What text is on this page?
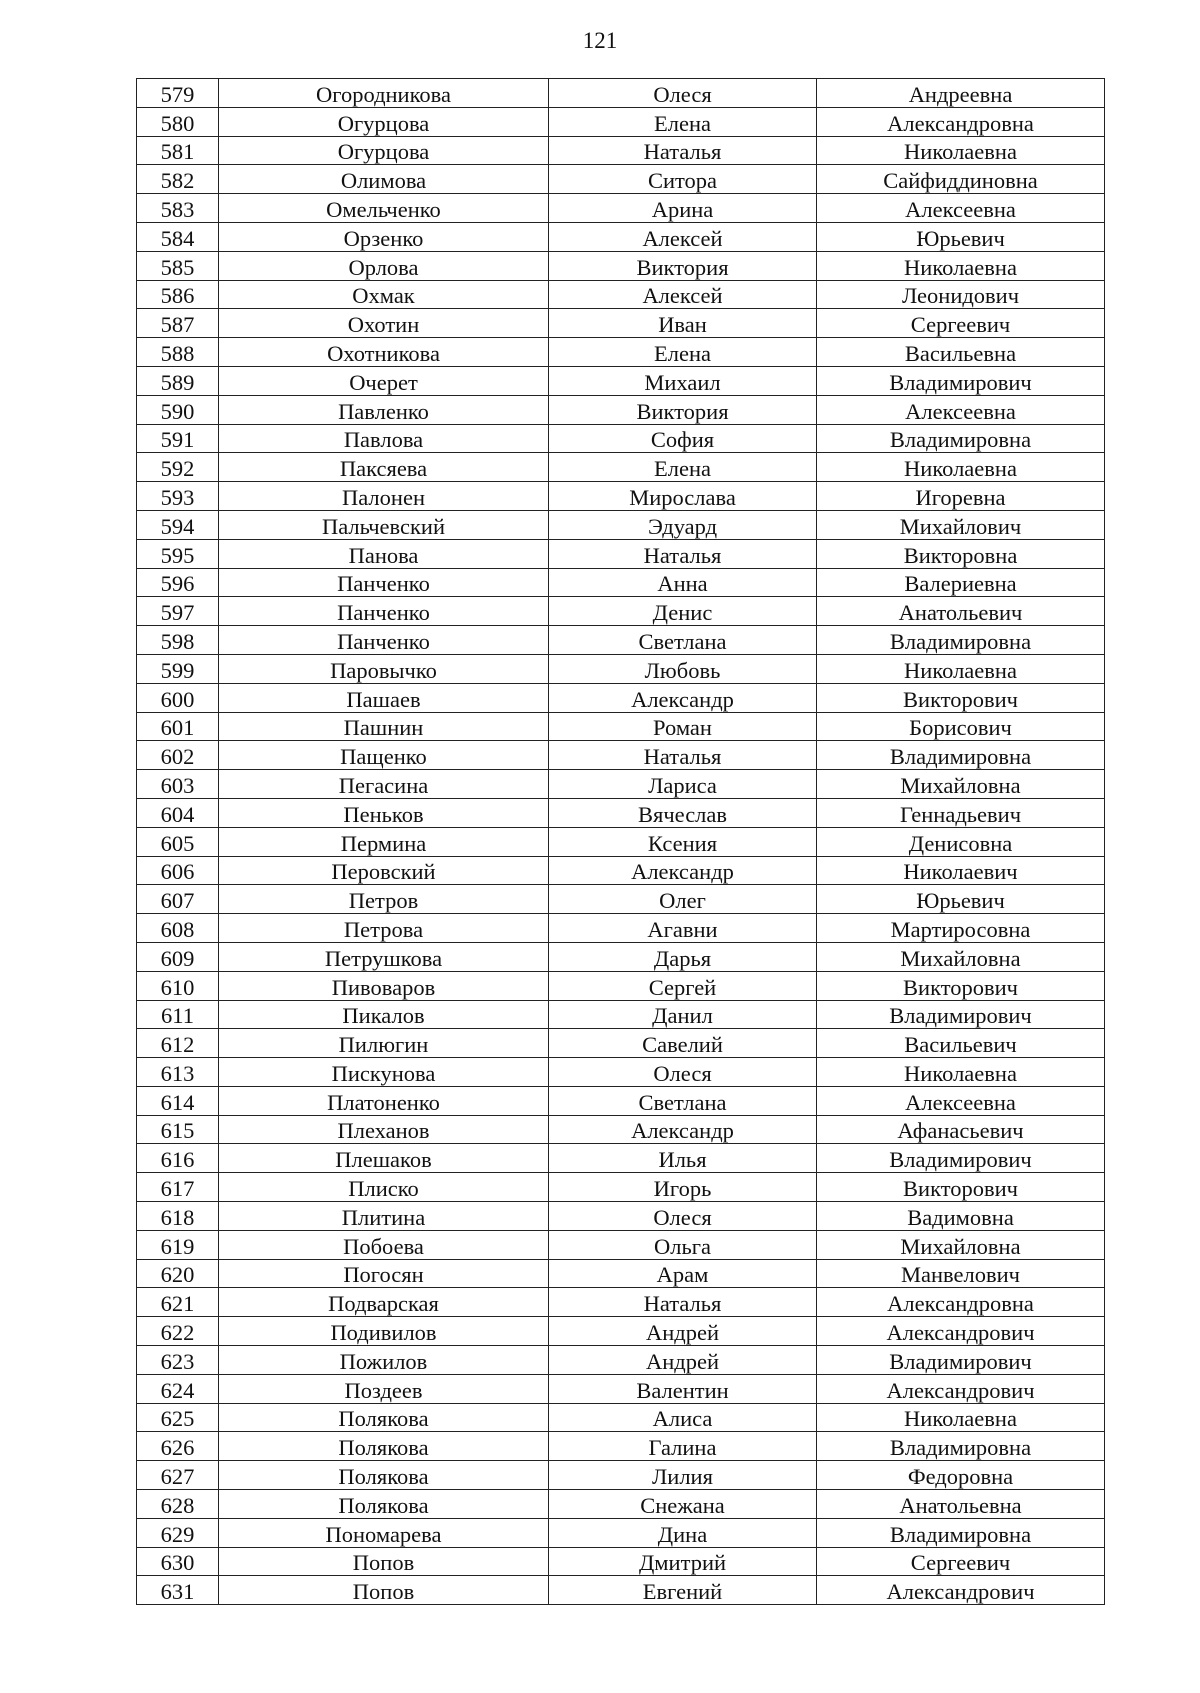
121
579	Огородникова	Олеся	Андреевна
580	Огурцова	Елена	Александровна
581	Огурцова	Наталья	Николаевна
582	Олимова	Ситора	Сайфиддиновна
583	Омельченко	Арина	Алексеевна
584	Орзенко	Алексей	Юрьевич
585	Орлова	Виктория	Николаевна
586	Охмак	Алексей	Леонидович
587	Охотин	Иван	Сергеевич
588	Охотникова	Елена	Васильевна
589	Очерет	Михаил	Владимирович
590	Павленко	Виктория	Алексеевна
591	Павлова	София	Владимировна
592	Паксяева	Елена	Николаевна
593	Палонен	Мирослава	Игоревна
594	Пальчевский	Эдуард	Михайлович
595	Панова	Наталья	Викторовна
596	Панченко	Анна	Валериевна
597	Панченко	Денис	Анатольевич
598	Панченко	Светлана	Владимировна
599	Паровычко	Любовь	Николаевна
600	Пашаев	Александр	Викторович
601	Пашнин	Роман	Борисович
602	Пащенко	Наталья	Владимировна
603	Пегасина	Лариса	Михайловна
604	Пеньков	Вячеслав	Геннадьевич
605	Пермина	Ксения	Денисовна
606	Перовский	Александр	Николаевич
607	Петров	Олег	Юрьевич
608	Петрова	Агавни	Мартиросовна
609	Петрушкова	Дарья	Михайловна
610	Пивоваров	Сергей	Викторович
611	Пикалов	Данил	Владимирович
612	Пилюгин	Савелий	Васильевич
613	Пискунова	Олеся	Николаевна
614	Платоненко	Светлана	Алексеевна
615	Плеханов	Александр	Афанасьевич
616	Плешаков	Илья	Владимирович
617	Плиско	Игорь	Викторович
618	Плитина	Олеся	Вадимовна
619	Побоева	Ольга	Михайловна
620	Погосян	Арам	Манвелович
621	Подварская	Наталья	Александровна
622	Подивилов	Андрей	Александрович
623	Пожилов	Андрей	Владимирович
624	Поздеев	Валентин	Александрович
625	Полякова	Алиса	Николаевна
626	Полякова	Галина	Владимировна
627	Полякова	Лилия	Федоровна
628	Полякова	Снежана	Анатольевна
629	Пономарева	Дина	Владимировна
630	Попов	Дмитрий	Сергеевич
631	Попов	Евгений	Александрович
